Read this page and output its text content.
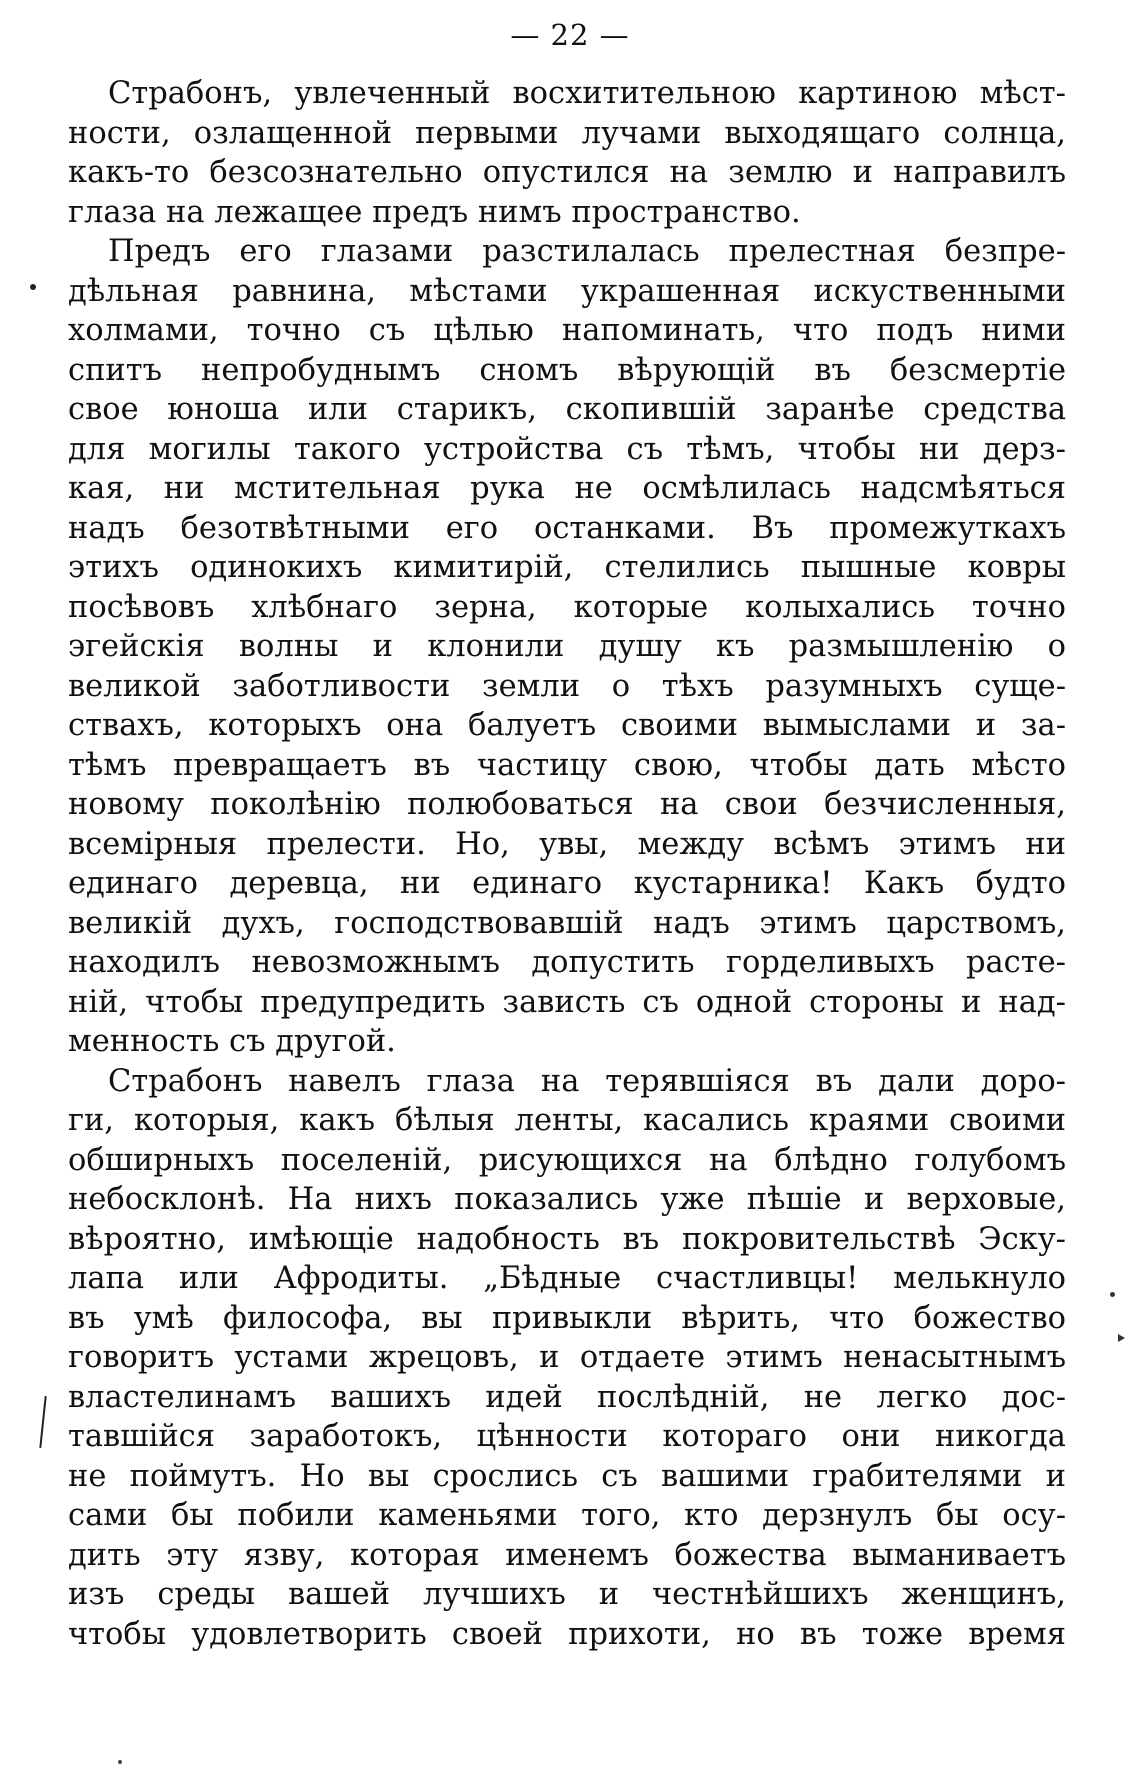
— 22 —
Страбонъ, увлеченный восхитительною картиною мѣст-
ности, озлащенной первыми лучами выходящаго солнца,
какъ-то безсознательно опустился на землю и направилъ
глаза на лежащее предъ нимъ пространство.
Предъ его глазами разстилалась прелестная безпре-
дѣльная равнина, мѣстами украшенная искуственными
холмами, точно съ цѣлью напоминать, что подъ ними
спитъ непробуднымъ сномъ вѣрующій въ безсмертіе
свое юноша или старикъ, скопившій заранѣе средства
для могилы такого устройства съ тѣмъ, чтобы ни дерз-
кая, ни мстительная рука не осмѣлилась надсмѣяться
надъ безотвѣтными его останками. Въ промежуткахъ
этихъ одинокихъ кимитирій, стелились пышные ковры
посѣвовъ хлѣбнаго зерна, которые колыхались точно
эгейскія волны и клонили душу къ размышленію о
великой заботливости земли о тѣхъ разумныхъ суще-
ствахъ, которыхъ она балуетъ своими вымыслами и за-
тѣмъ превращаетъ въ частицу свою, чтобы дать мѣсто
новому поколѣнію полюбоваться на свои безчисленныя,
всемірныя прелести. Но, увы, между всѣмъ этимъ ни
единаго деревца, ни единаго кустарника! Какъ будто
великій духъ, господствовавшій надъ этимъ царствомъ,
находилъ невозможнымъ допустить горделивыхъ расте-
ній, чтобы предупредить зависть съ одной стороны и над-
менность съ другой.
Страбонъ навелъ глаза на терявшіяся въ дали доро-
ги, которыя, какъ бѣлыя ленты, касались краями своими
обширныхъ поселеній, рисующихся на блѣдно голубомъ
небосклонѣ. На нихъ показались уже пѣшіе и верховые,
вѣроятно, имѣющіе надобность въ покровительствѣ Эску-
лапа или Афродиты. „Бѣдные счастливцы! мелькнуло
въ умѣ философа, вы привыкли вѣрить, что божество
говоритъ устами жрецовъ, и отдаете этимъ ненасытнымъ
властелинамъ вашихъ идей послѣдній, не легко дос-
тавшійся заработокъ, цѣнности котораго они никогда
не поймутъ. Но вы срослись съ вашими грабителями и
сами бы побили каменьями того, кто дерзнулъ бы осу-
дить эту язву, которая именемъ божества выманиваетъ
изъ среды вашей лучшихъ и честнѣйшихъ женщинъ,
чтобы удовлетворить своей прихоти, но въ тоже время
